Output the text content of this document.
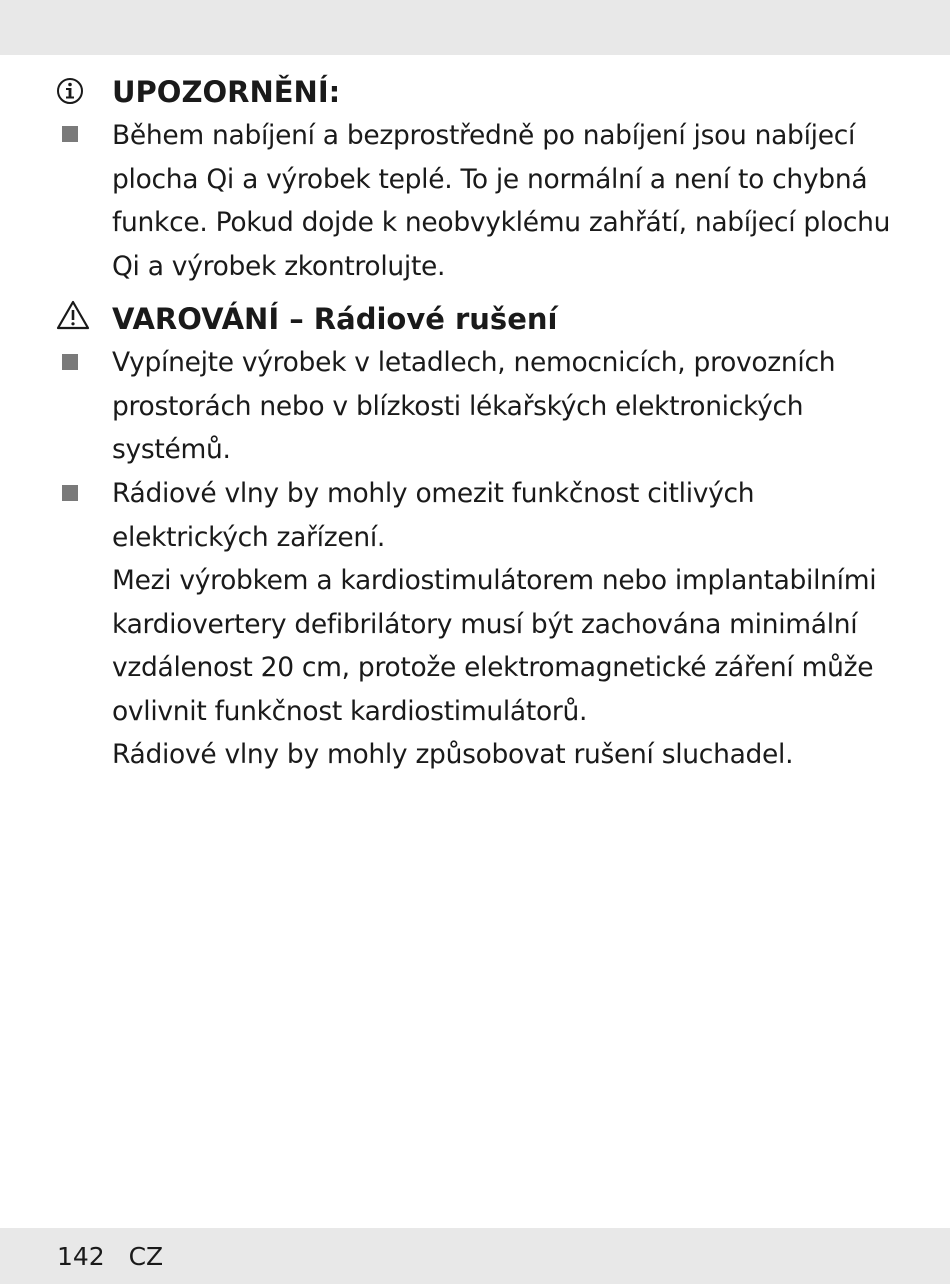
UPOZORNĚNÍ:

Během nabíjení a bezprostředně po nabíjení jsou nabíjecí plocha Qi a výrobek teplé. To je normální a není to chybná funkce. Pokud dojde k neobvyklému zahřátí, nabíjecí plochu Qi a výrobek zkontrolujte.

VAROVÁNÍ – Rádiové rušení

Vypínejte výrobek v letadlech, nemocnicích, provozních prostorách nebo v blízkosti lékařských elektronických systémů.

Rádiové vlny by mohly omezit funkčnost citlivých elektrických zařízení.

Mezi výrobkem a kardiostimulátorem nebo implantabilními kardiovertery defibrilátory musí být zachována minimální vzdálenost 20 cm, protože elektromagnetické záření může ovlivnit funkčnost kardiostimulátorů.

Rádiové vlny by mohly způsobovat rušení sluchadel.

142 CZ
